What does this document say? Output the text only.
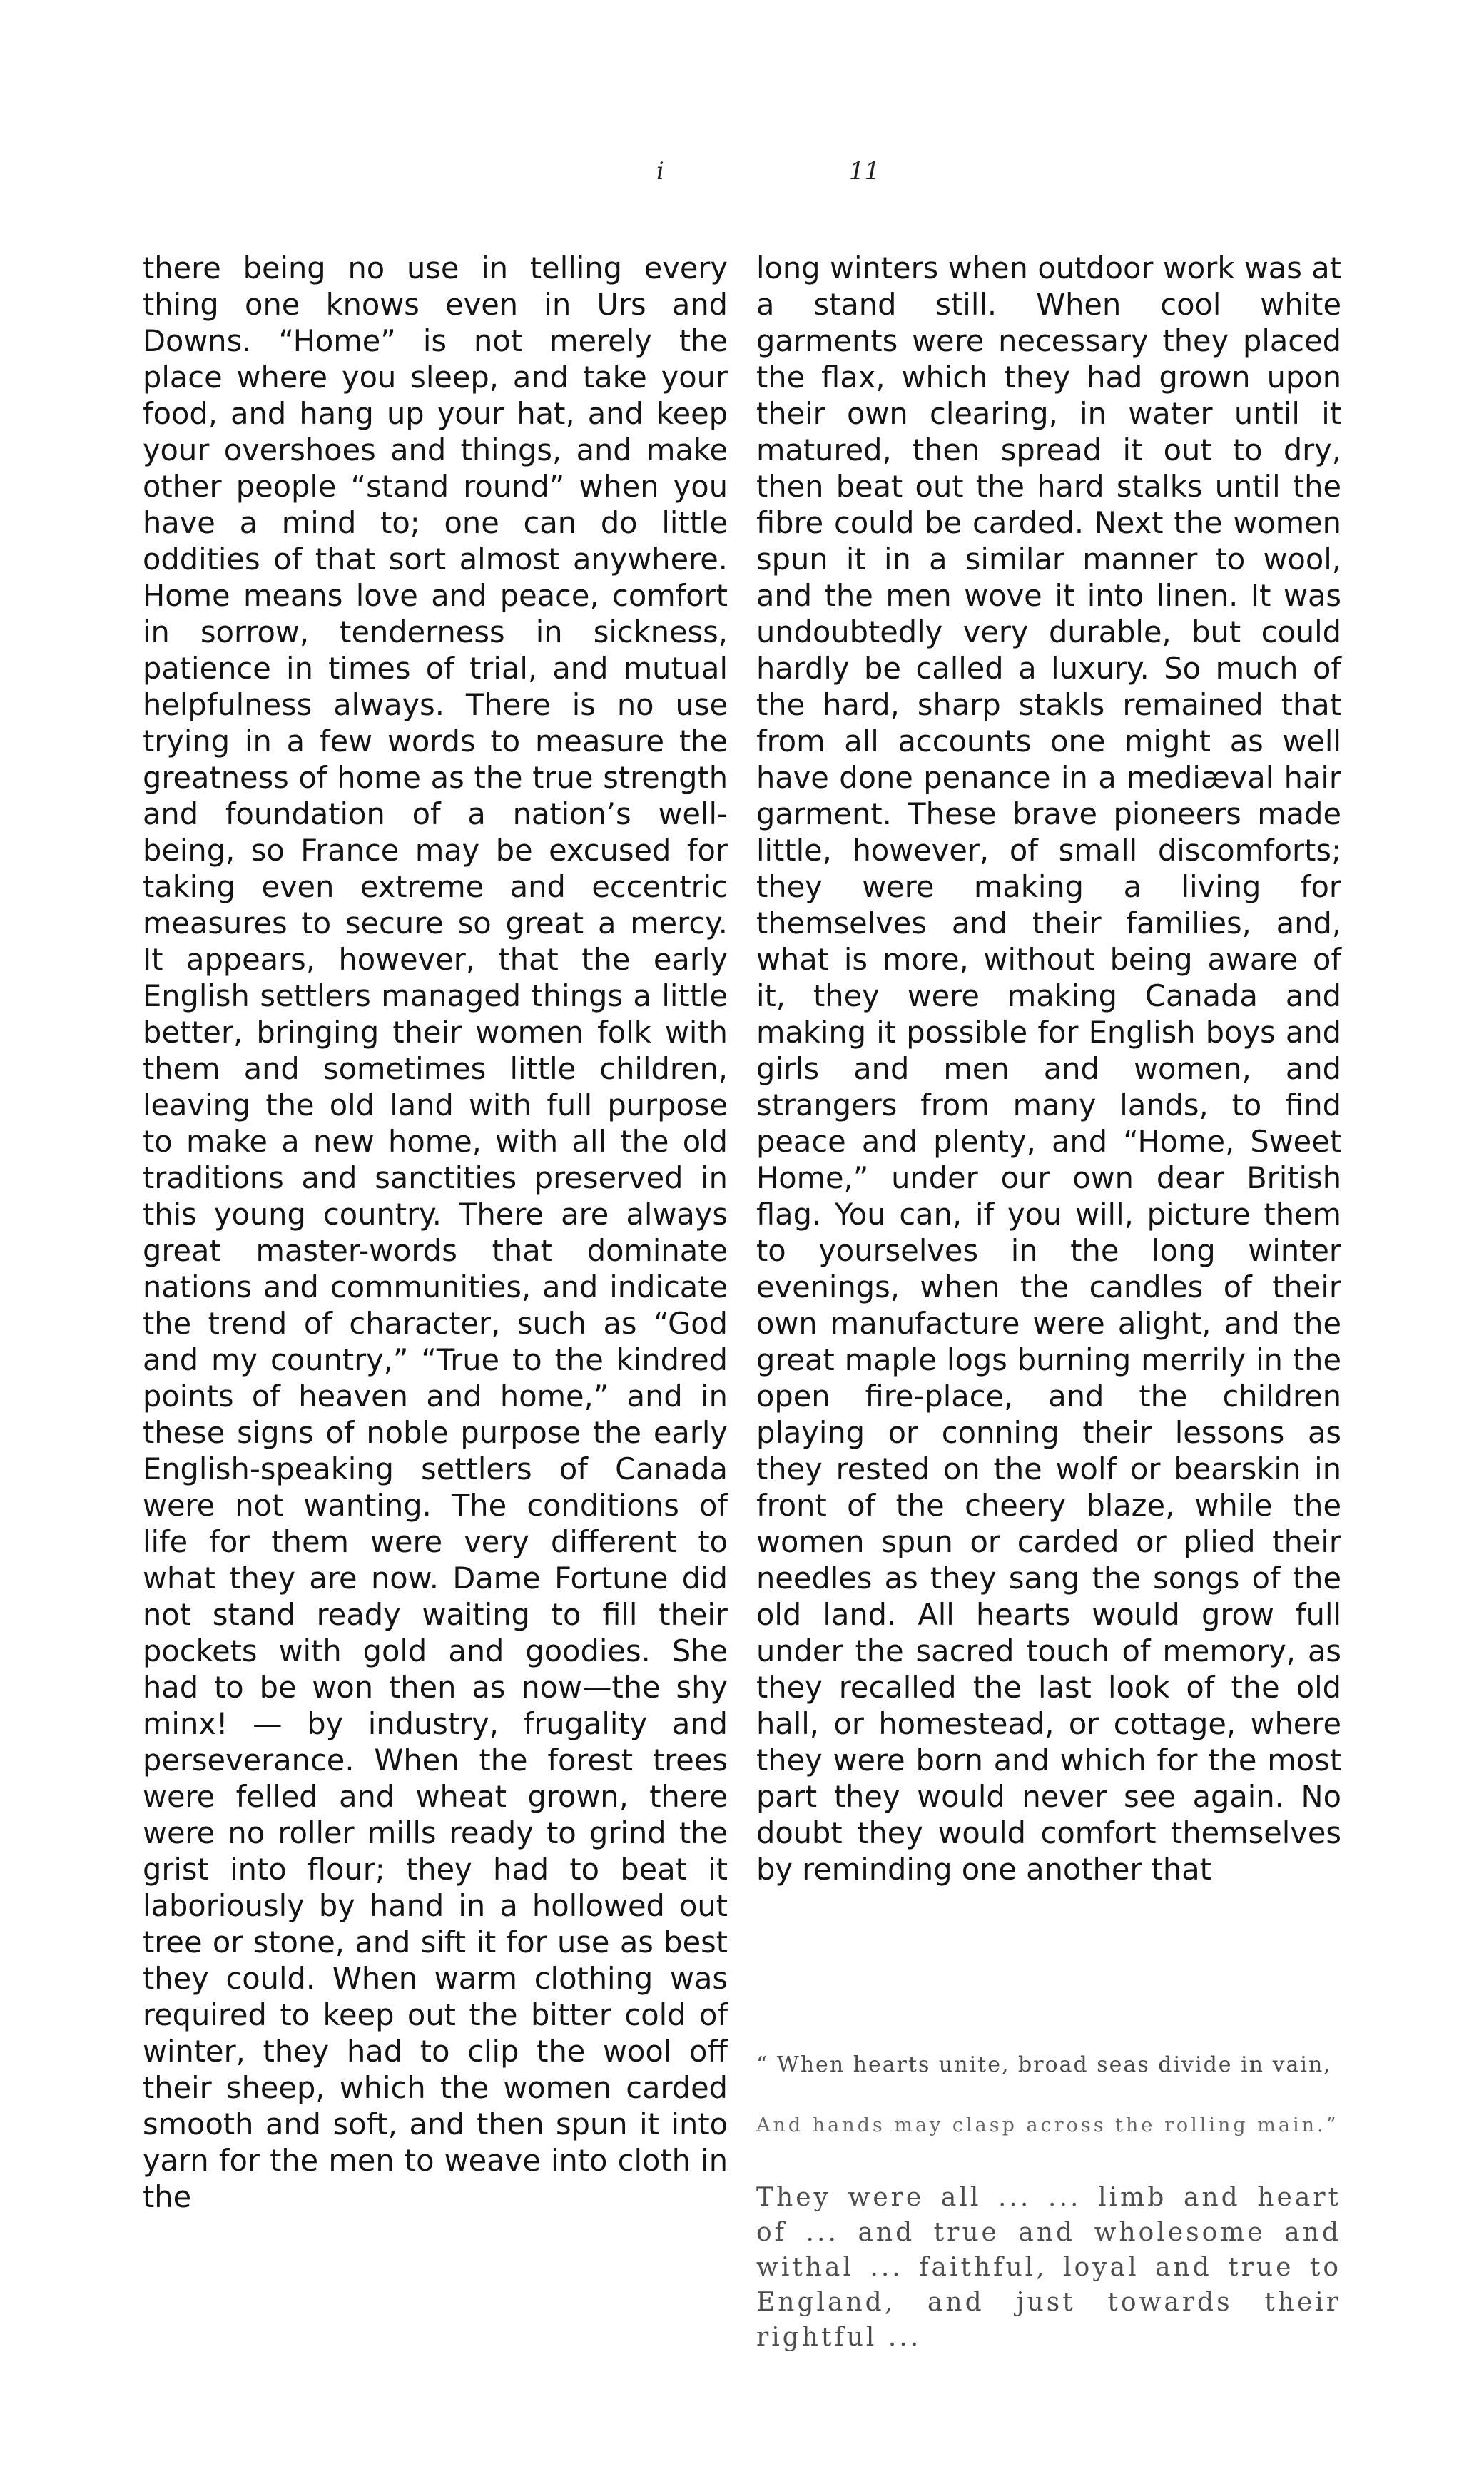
i	11
there being no use in telling every thing one knows even in Urs and Downs. “Home” is not merely the place where you sleep, and take your food, and hang up your hat, and keep your overshoes and things, and make other people “stand round” when you have a mind to; one can do little oddities of that sort almost anywhere. Home means love and peace, comfort in sorrow, tenderness in sickness, patience in times of trial, and mutual helpfulness always. There is no use trying in a few words to measure the greatness of home as the true strength and foundation of a nation’s well-being, so France may be excused for taking even extreme and eccentric measures to secure so great a mercy. It appears, however, that the early English settlers managed things a little better, bringing their women folk with them and sometimes little children, leaving the old land with full purpose to make a new home, with all the old traditions and sanctities preserved in this young country. There are always great master-words that dominate nations and communities, and indicate the trend of character, such as “God and my country,” “True to the kindred points of heaven and home,” and in these signs of noble purpose the early English-speaking settlers of Canada were not wanting. The conditions of life for them were very different to what they are now. Dame Fortune did not stand ready waiting to fill their pockets with gold and goodies. She had to be won then as now—the shy minx! — by industry, frugality and perseverance. When the forest trees were felled and wheat grown, there were no roller mills ready to grind the grist into flour; they had to beat it laboriously by hand in a hollowed out tree or stone, and sift it for use as best they could. When warm clothing was required to keep out the bitter cold of winter, they had to clip the wool off their sheep, which the women carded smooth and soft, and then spun it into yarn for the men to weave into cloth in the
long winters when outdoor work was at a stand still. When cool white garments were necessary they placed the flax, which they had grown upon their own clearing, in water until it matured, then spread it out to dry, then beat out the hard stalks until the fibre could be carded. Next the women spun it in a similar manner to wool, and the men wove it into linen. It was undoubtedly very durable, but could hardly be called a luxury. So much of the hard, sharp stakls remained that from all accounts one might as well have done penance in a mediæval hair garment. These brave pioneers made little, however, of small discomforts; they were making a living for themselves and their families, and, what is more, without being aware of it, they were making Canada and making it possible for English boys and girls and men and women, and strangers from many lands, to find peace and plenty, and “Home, Sweet Home,” under our own dear British flag. You can, if you will, picture them to yourselves in the long winter evenings, when the candles of their own manufacture were alight, and the great maple logs burning merrily in the open fire-place, and the children playing or conning their lessons as they rested on the wolf or bearskin in front of the cheery blaze, while the women spun or carded or plied their needles as they sang the songs of the old land. All hearts would grow full under the sacred touch of memory, as they recalled the last look of the old hall, or homestead, or cottage, where they were born and which for the most part they would never see again. No doubt they would comfort themselves by reminding one another that
“ When hearts unite, broad seas divide in vain,
And hands may clasp across the rolling main.”
They were all ... ... limb and heart of ... and true and wholesome and withal ... faithful, loyal and true to England, and just towards their rightful ...
